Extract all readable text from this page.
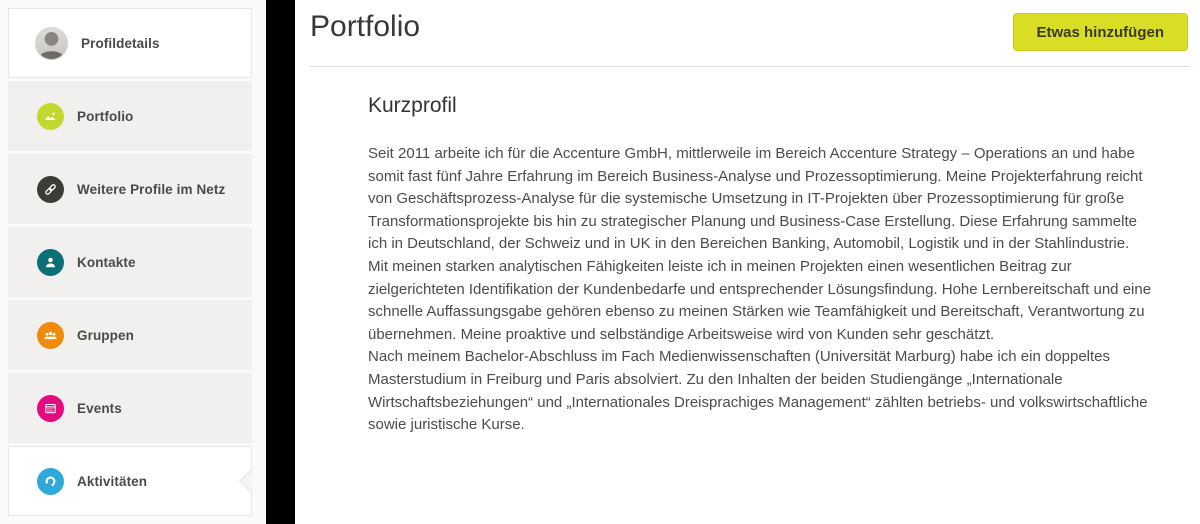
Profildetails
Portfolio
Weitere Profile im Netz
Kontakte
Gruppen
Events
Aktivitäten
Portfolio	Etwas hinzufügen
Kurzprofil

Seit 2011 arbeite ich für die Accenture GmbH, mittlerweile im Bereich Accenture Strategy – Operations an und habe somit fast fünf Jahre Erfahrung im Bereich Business-Analyse und Prozessoptimierung. Meine Projekterfahrung reicht von Geschäftsprozess-Analyse für die systemische Umsetzung in IT-Projekten über Prozessoptimierung für große Transformationsprojekte bis hin zu strategischer Planung und Business-Case Erstellung. Diese Erfahrung sammelte ich in Deutschland, der Schweiz und in UK in den Bereichen Banking, Automobil, Logistik und in der Stahlindustrie.

Mit meinen starken analytischen Fähigkeiten leiste ich in meinen Projekten einen wesentlichen Beitrag zur zielgerichteten Identifikation der Kundenbedarfe und entsprechender Lösungsfindung. Hohe Lernbereitschaft und eine schnelle Auffassungsgabe gehören ebenso zu meinen Stärken wie Teamfähigkeit und Bereitschaft, Verantwortung zu übernehmen. Meine proaktive und selbständige Arbeitsweise wird von Kunden sehr geschätzt.

Nach meinem Bachelor-Abschluss im Fach Medienwissenschaften (Universität Marburg) habe ich ein doppeltes Masterstudium in Freiburg und Paris absolviert. Zu den Inhalten der beiden Studiengänge „Internationale Wirtschaftsbeziehungen“ und „Internationales Dreisprachiges Management“ zählten betriebs- und volkswirtschaftliche sowie juristische Kurse.
